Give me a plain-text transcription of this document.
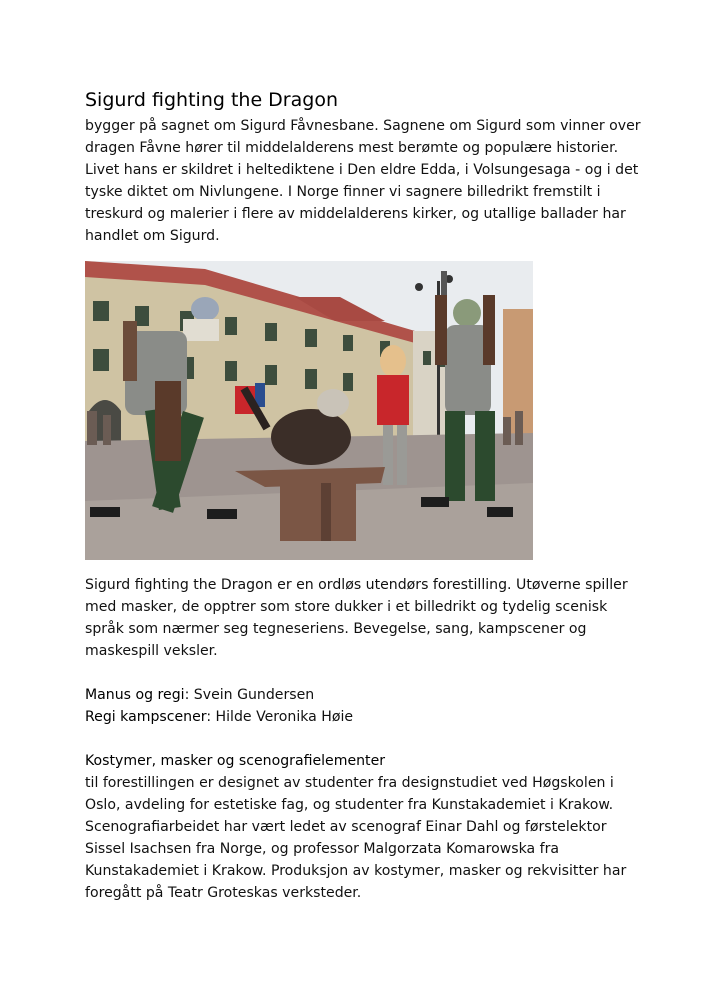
Sigurd fighting the Dragon

bygger på sagnet om Sigurd Fåvnesbane. Sagnene om Sigurd som vinner over dragen Fåvne hører til middelalderens mest berømte og populære historier. Livet hans er skildret i heltediktene i Den eldre Edda, i Volsungesaga - og i det tyske diktet om Nivlungene. I Norge finner vi sagnere billedrikt fremstilt i treskurd og malerier i flere av middelalderens kirker, og utallige ballader har handlet om Sigurd.

Sigurd fighting the Dragon er en ordløs utendørs forestilling. Utøverne spiller med masker, de opptrer som store dukker i et billedrikt og tydelig scenisk språk som nærmer seg tegneseriens. Bevegelse, sang, kampscener og maskespill veksler.

Manus og regi: Svein Gundersen

Regi kampscener: Hilde Veronika Høie

Kostymer, masker og scenografielementer

til forestillingen er designet av studenter fra designstudiet ved Høgskolen i Oslo, avdeling for estetiske fag, og studenter fra Kunstakademiet i Krakow. Scenografiarbeidet har vært ledet av scenograf Einar Dahl og førstelektor Sissel Isachsen fra Norge, og professor Malgorzata Komarowska fra Kunstakademiet i Krakow. Produksjon av kostymer, masker og rekvisitter har foregått på Teatr Groteskas verksteder.
